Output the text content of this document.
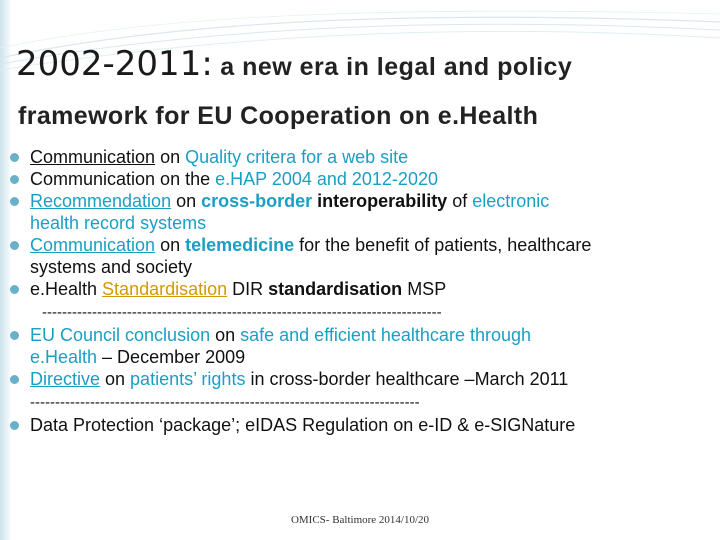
2002-2011: a new era in legal and policy
framework for EU Cooperation on e.Health
Communication on Quality critera for a web site
Communication on the e.HAP 2004 and 2012-2020
Recommendation on cross-border interoperability of electronic
health record systems
Communication on telemedicine for the benefit of patients, healthcare
systems and society
e.Health Standardisation DIR standardisation MSP
--------------------------------------------------------------------------------
EU Council conclusion on safe and efficient healthcare through
e.Health – December 2009
Directive on patients’ rights in cross-border healthcare –March 2011
------------------------------------------------------------------------------
Data Protection ‘package’; eIDAS Regulation on e-ID & e-SIGNature
OMICS- Baltimore 2014/10/20
